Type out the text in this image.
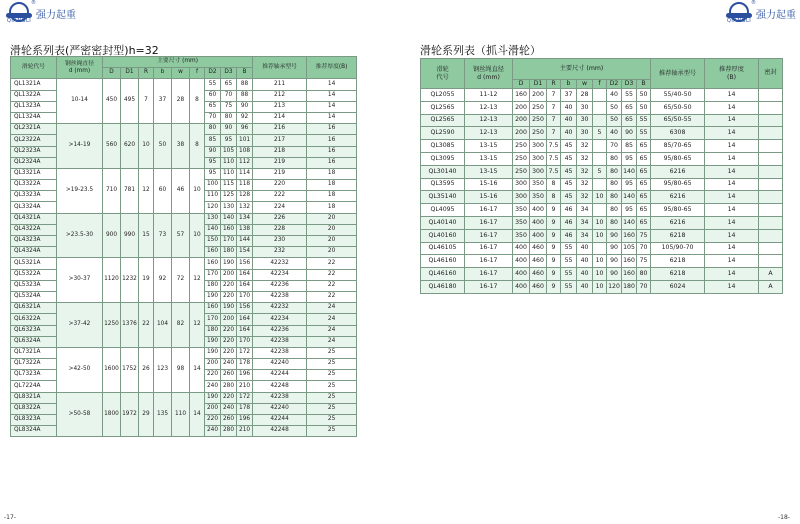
QIANGLI
®
强力起重
滑轮系列表(严密密封型)h=32
滑轮代号	钢丝绳直径
d (mm)	主要尺寸 (mm)									推荐轴承型号	推荐厚度(B)
		D	D1	R	b	w	f	D2	D3	B		
QL1321A	10-14	450	495	7	37	28	8	55	65	88	211	14
QL1322A								60	70	88	212	14
QL1323A								65	75	90	213	14
QL1324A								70	80	92	214	14
QL2321A	>14-19	560	620	10	50	38	8	80	90	96	216	16
QL2322A								85	95	101	217	16
QL2323A								90	105	108	218	16
QL2324A								95	110	112	219	16
QL3321A	>19-23.5	710	781	12	60	46	10	95	110	114	219	18
QL3322A								100	115	118	220	18
QL3323A								110	125	128	222	18
QL3324A								120	130	132	224	18
QL4321A	>23.5-30	900	990	15	73	57	10	130	140	134	226	20
QL4322A								140	160	138	228	20
QL4323A								150	170	144	230	20
QL4324A								160	180	154	232	20
QL5321A	>30-37	1120	1232	19	92	72	12	160	190	156	42232	22
QL5322A								170	200	164	42234	22
QL5323A								180	220	164	42236	22
QL5324A								190	220	170	42238	22
QL6321A	>37-42	1250	1376	22	104	82	12	160	190	156	42232	24
QL6322A								170	200	164	42234	24
QL6323A								180	220	164	42236	24
QL6324A								190	220	170	42238	24
QL7321A	>42-50	1600	1752	26	123	98	14	190	220	172	42238	25
QL7322A								200	240	178	42240	25
QL7323A								220	260	196	42244	25
QL7224A								240	280	210	42248	25
QL8321A	>50-58	1800	1972	29	135	110	14	190	220	172	42238	25
QL8322A								200	240	178	42240	25
QL8323A								220	260	196	42244	25
QL8324A								240	280	210	42248	25
-17-
QIANGLI
®
强力起重
滑轮系列表（抓斗滑轮）
滑轮
代号	钢丝绳直径
d (mm)	主要尺寸 (mm)									推荐轴承型号	推荐厚度
(B)	密封
		D	D1	R	b	w	f	D2	D3	B			
QL2055	11-12	160	200	7	37	28		40	55	50	55/40-50	14	
QL2565	12-13	200	250	7	40	30		50	65	50	65/50-50	14	
QL2565	12-13	200	250	7	40	30		50	65	55	65/50-55	14	
QL2590	12-13	200	250	7	40	30	5	40	90	55	6308	14	
QL3085	13-15	250	300	7.5	45	32		70	85	65	85/70-65	14	
QL3095	13-15	250	300	7.5	45	32		80	95	65	95/80-65	14	
QL30140	13-15	250	300	7.5	45	32	5	80	140	65	6216	14	
QL3595	15-16	300	350	8	45	32		80	95	65	95/80-65	14	
QL35140	15-16	300	350	8	45	32	10	80	140	65	6216	14	
QL4095	16-17	350	400	9	46	34		80	95	65	95/80-65	14	
QL40140	16-17	350	400	9	46	34	10	80	140	65	6216	14	
QL40160	16-17	350	400	9	46	34	10	90	160	75	6218	14	
QL46105	16-17	400	460	9	55	40		90	105	70	105/90-70	14	
QL46160	16-17	400	460	9	55	40	10	90	160	75	6218	14	
QL46160	16-17	400	460	9	55	40	10	90	160	80	6218	14	A
QL46180	16-17	400	460	9	55	40	10	120	180	70	6024	14	A
-18-
